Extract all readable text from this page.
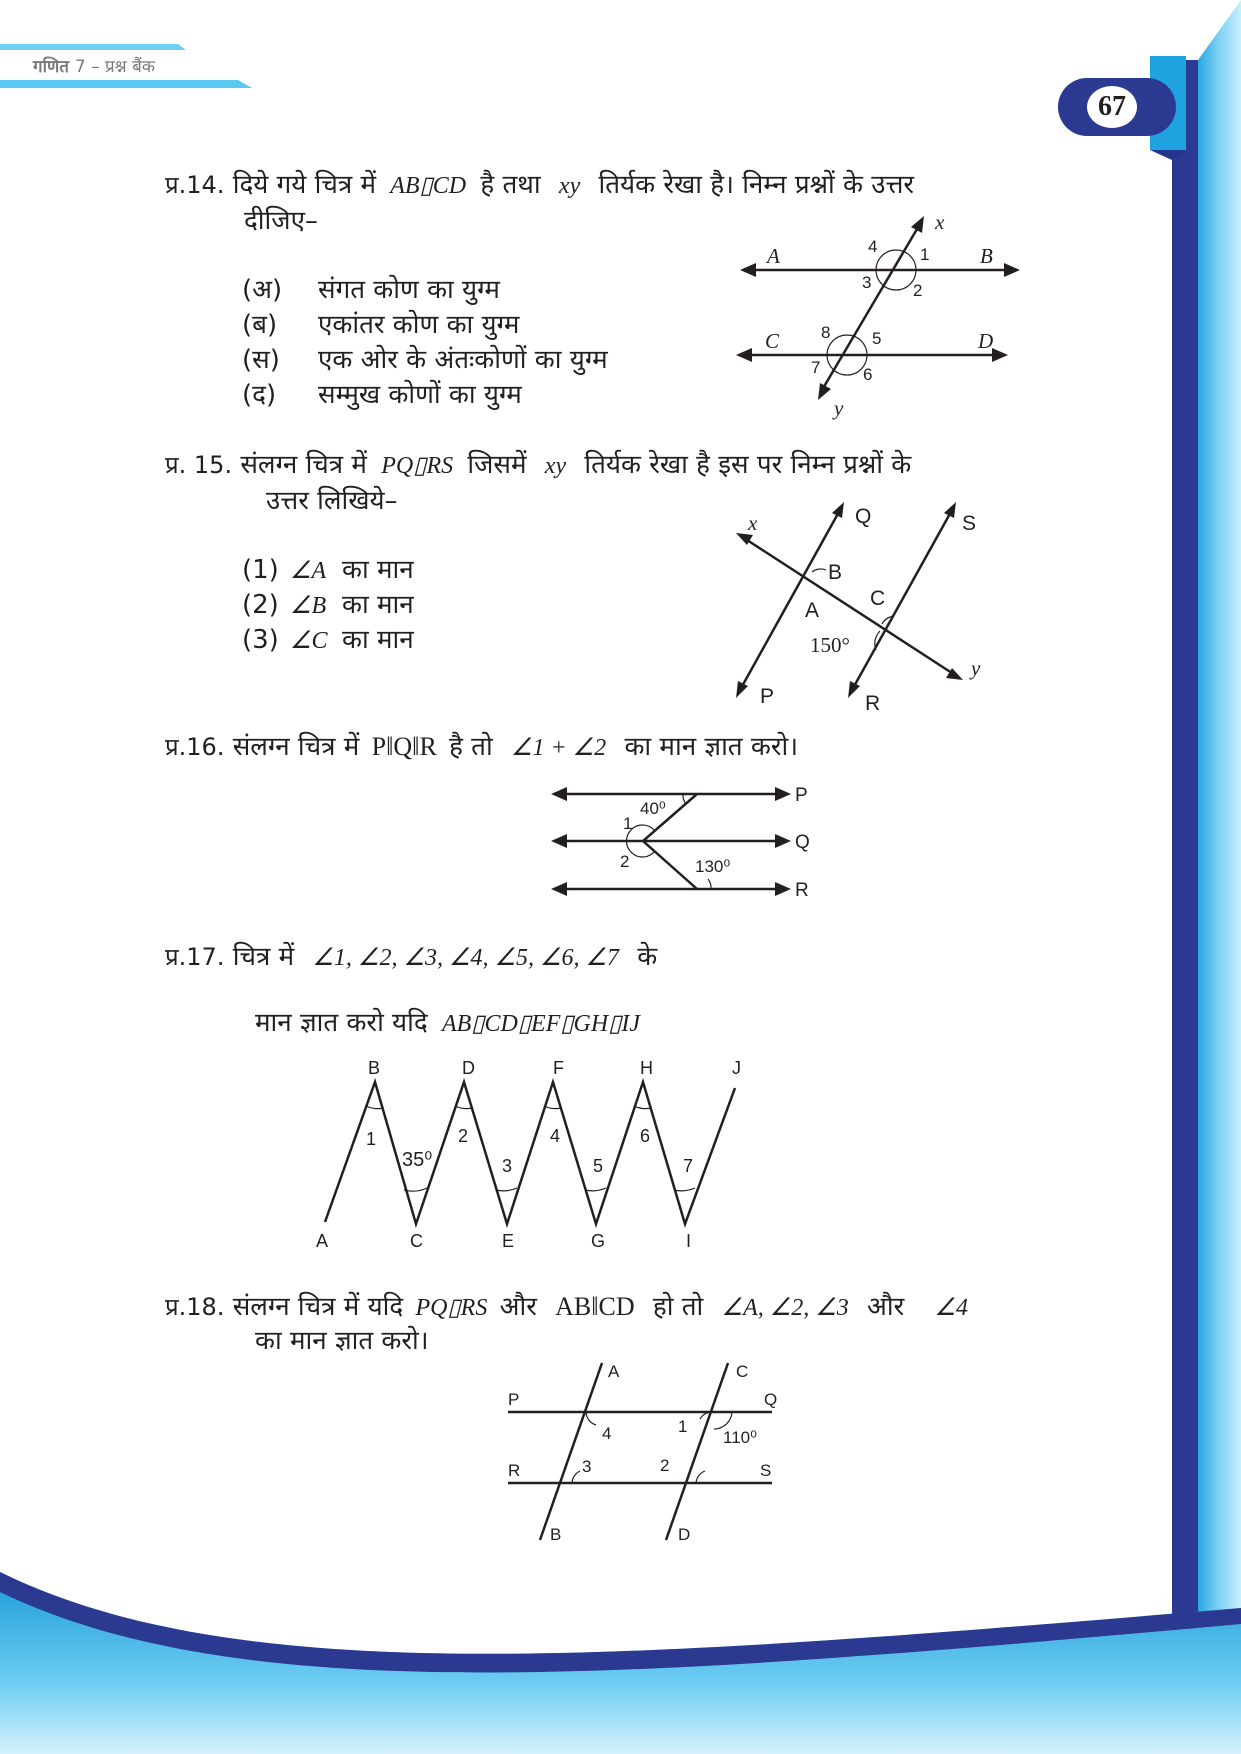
गणित 7 – प्रश्न बैंक
67
प्र.14. दिये गये चित्र में AB▯CD है तथा xy तिर्यक रेखा है। निम्न प्रश्नों के उत्तर
दीजिए–
(अ) संगत कोण का युग्म
(ब) एकांतर कोण का युग्म
(स) एक ओर के अंतःकोणों का युग्म
(द) सम्मुख कोणों का युग्म
A	B
C	D
x
y
1
2
3
4
5
6
7
8
प्र. 15. संलग्न चित्र में PQ▯RS जिसमें xy तिर्यक रेखा है इस पर निम्न प्रश्नों के
उत्तर लिखिये–
(1) ∠A का मान
(2) ∠B का मान
(3) ∠C का मान
x	Q	S
B
A
C
150°
y
P	R
प्र.16. संलग्न चित्र में P‖Q‖R है तो ∠1 + ∠2 का मान ज्ञात करो।
P
Q
R
1
2
40⁰
130⁰
प्र.17. चित्र में ∠1, ∠2, ∠3, ∠4, ∠5, ∠6, ∠7 के
मान ज्ञात करो यदि AB▯CD▯EF▯GH▯IJ
B	D	F	H	J
A	C	E	G	I
1	2
3
4
5
6
7
35⁰
प्र.18. संलग्न चित्र में यदि PQ▯RS और AB‖CD हो तो ∠A, ∠2, ∠3 और ∠4
का मान ज्ञात करो।
A	C
P	Q
4	1
110⁰
R	3	2	S
B	D
